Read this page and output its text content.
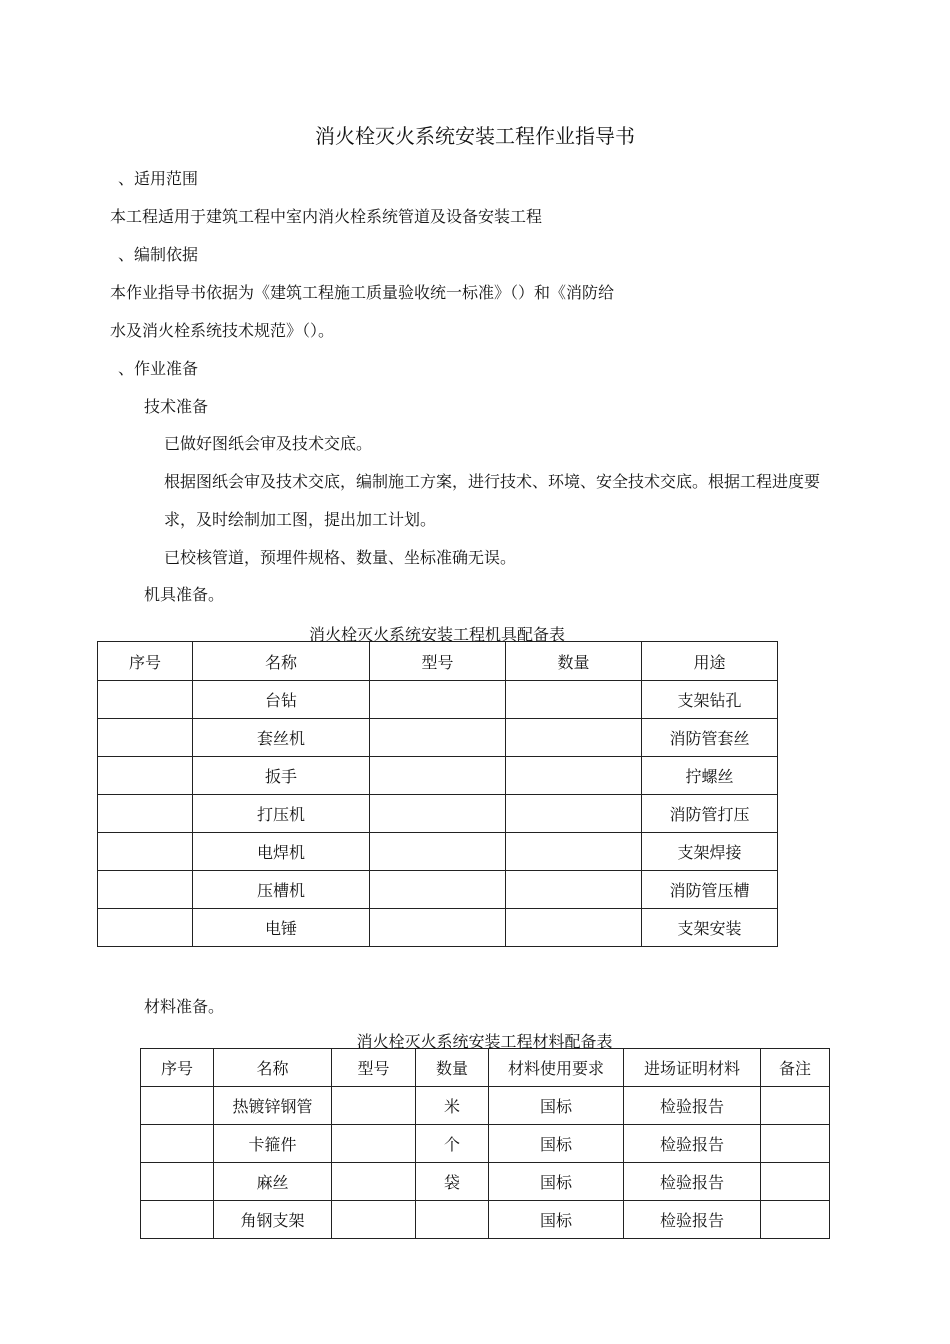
消火栓灭火系统安装工程作业指导书
、适用范围
本工程适用于建筑工程中室内消火栓系统管道及设备安装工程
、编制依据
本作业指导书依据为《建筑工程施工质量验收统一标准》（）和《消防给
水及消火栓系统技术规范》（）。
、作业准备
技术准备
已做好图纸会审及技术交底。
根据图纸会审及技术交底，编制施工方案，进行技术、环境、安全技术交底。根据工程进度要
求，及时绘制加工图，提出加工计划。
已校核管道，预埋件规格、数量、坐标准确无误。
机具准备。
消火栓灭火系统安装工程机具配备表
序号	名称	型号	数量	用途
	台钻			支架钻孔
	套丝机			消防管套丝
	扳手			拧螺丝
	打压机			消防管打压
	电焊机			支架焊接
	压槽机			消防管压槽
	电锤			支架安装
材料准备。
消火栓灭火系统安装工程材料配备表
序号	名称	型号	数量	材料使用要求	进场证明材料	备注
	热镀锌钢管		米	国标	检验报告	
	卡箍件		个	国标	检验报告	
	麻丝		袋	国标	检验报告	
	角钢支架			国标	检验报告	
